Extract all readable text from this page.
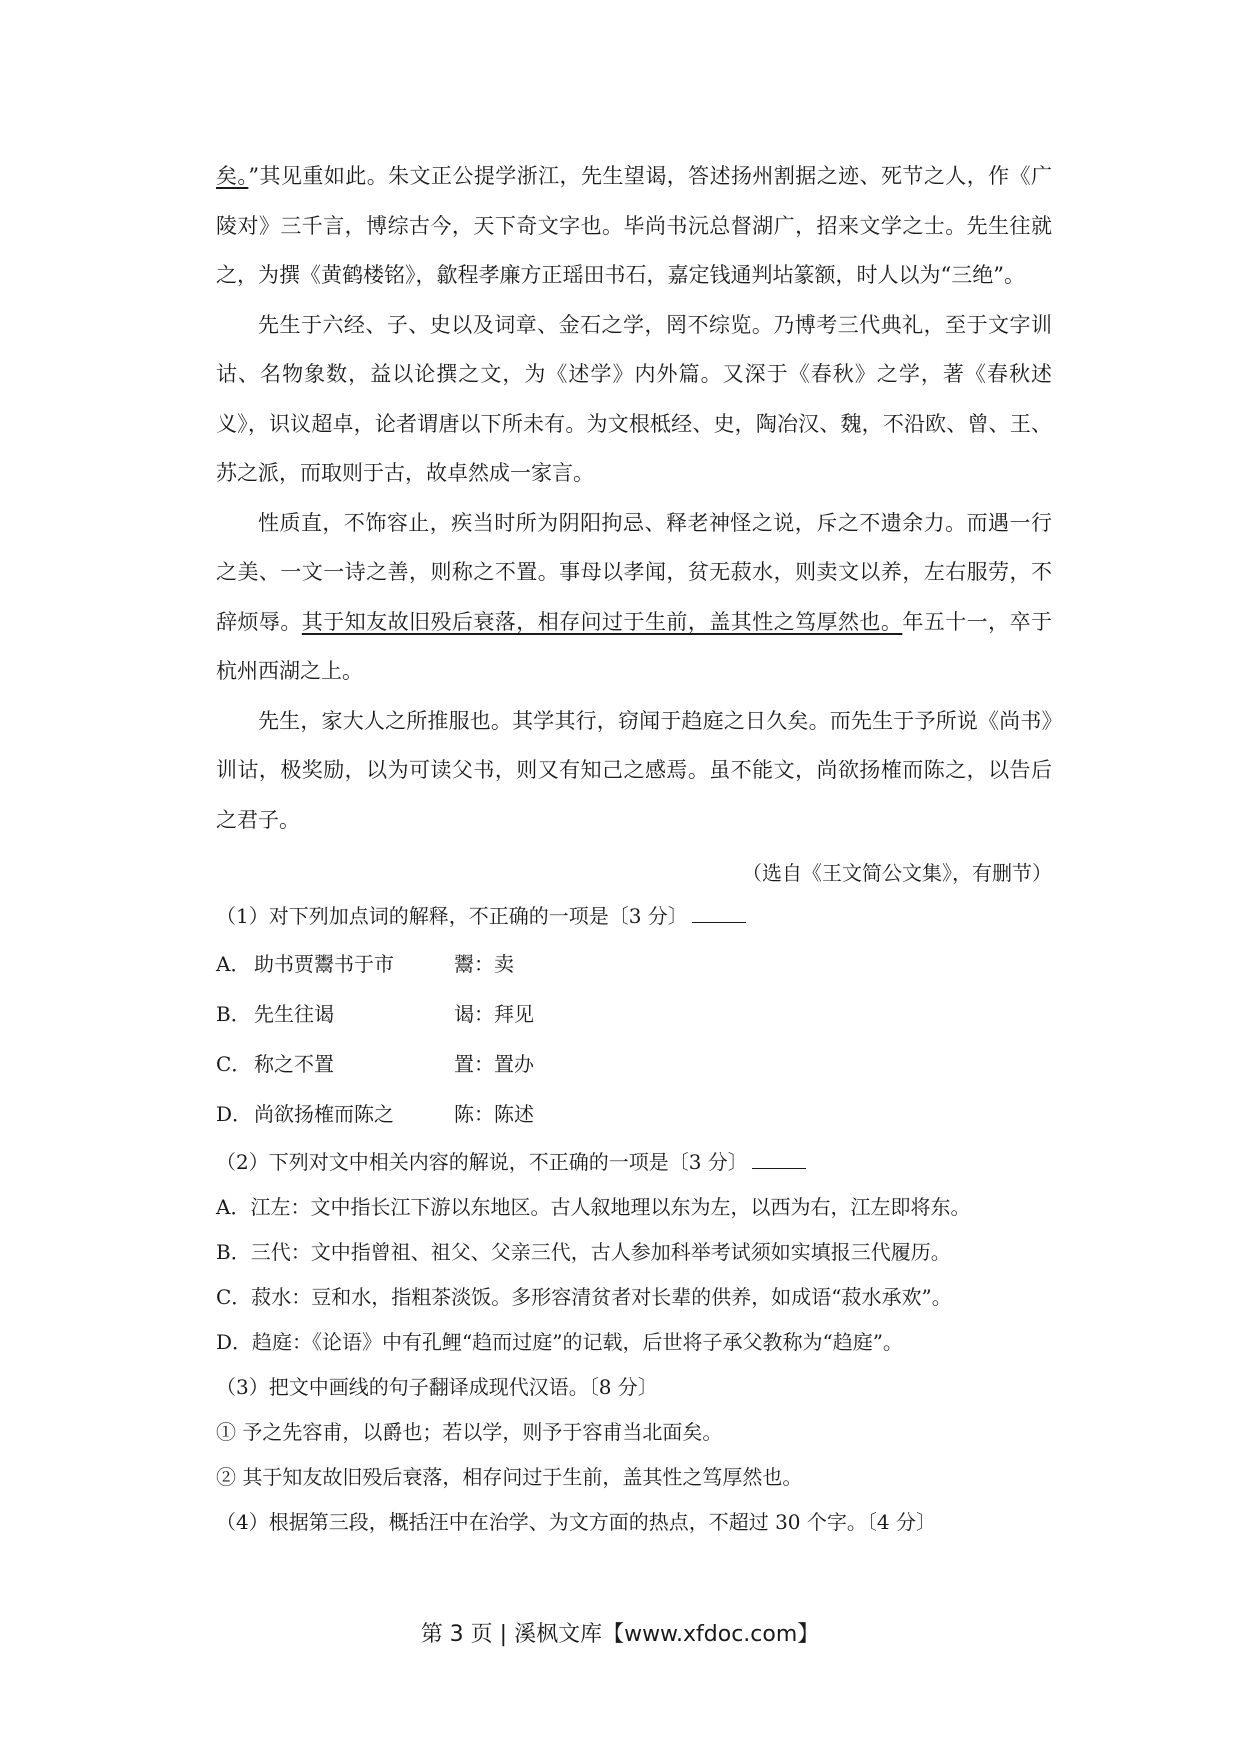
矣。”其见重如此。朱文正公提学浙江，先生望谒，答述扬州割据之迹、死节之人，作《广陵对》三千言，博综古今，天下奇文字也。毕尚书沅总督湖广，招来文学之士。先生往就之，为撰《黄鹤楼铭》，歙程孝廉方正瑶田书石，嘉定钱通判坫篆额，时人以为“三绝”。

先生于六经、子、史以及词章、金石之学，罔不综览。乃博考三代典礼，至于文字训诂、名物象数，益以论撰之文，为《述学》内外篇。又深于《春秋》之学，著《春秋述义》，识议超卓，论者谓唐以下所未有。为文根柢经、史，陶冶汉、魏，不沿欧、曾、王、苏之派，而取则于古，故卓然成一家言。

性质直，不饰容止，疾当时所为阴阳拘忌、释老神怪之说，斥之不遗余力。而遇一行之美、一文一诗之善，则称之不置。事母以孝闻，贫无菽水，则卖文以养，左右服劳，不辞烦辱。其于知友故旧殁后衰落，相存问过于生前，盖其性之笃厚然也。年五十一，卒于杭州西湖之上。

先生，家大人之所推服也。其学其行，窃闻于趋庭之日久矣。而先生于予所说《尚书》训诂，极奖励，以为可读父书，则又有知己之感焉。虽不能文，尚欲扬榷而陈之，以告后之君子。

（选自《王文简公文集》，有删节）

（1）对下列加点词的解释，不正确的一项是〔3 分〕

A． 助书贾鬻书于市	鬻：卖
B． 先生往谒	谒：拜见
C． 称之不置	置：置办
D． 尚欲扬榷而陈之	陈：陈述

（2）下列对文中相关内容的解说，不正确的一项是〔3 分〕

A．江左：文中指长江下游以东地区。古人叙地理以东为左，以西为右，江左即将东。

B．三代：文中指曾祖、祖父、父亲三代，古人参加科举考试须如实填报三代履历。

C．菽水：豆和水，指粗茶淡饭。多形容清贫者对长辈的供养，如成语“菽水承欢”。

D．趋庭：《论语》中有孔鲤“趋而过庭”的记载，后世将子承父教称为“趋庭”。

（3）把文中画线的句子翻译成现代汉语。〔8 分〕

① 予之先容甫，以爵也；若以学，则予于容甫当北面矣。

② 其于知友故旧殁后衰落，相存问过于生前，盖其性之笃厚然也。

（4）根据第三段，概括汪中在治学、为文方面的热点，不超过 30 个字。〔4 分〕

第 3 页 | 溪枫文库【www.xfdoc.com】
